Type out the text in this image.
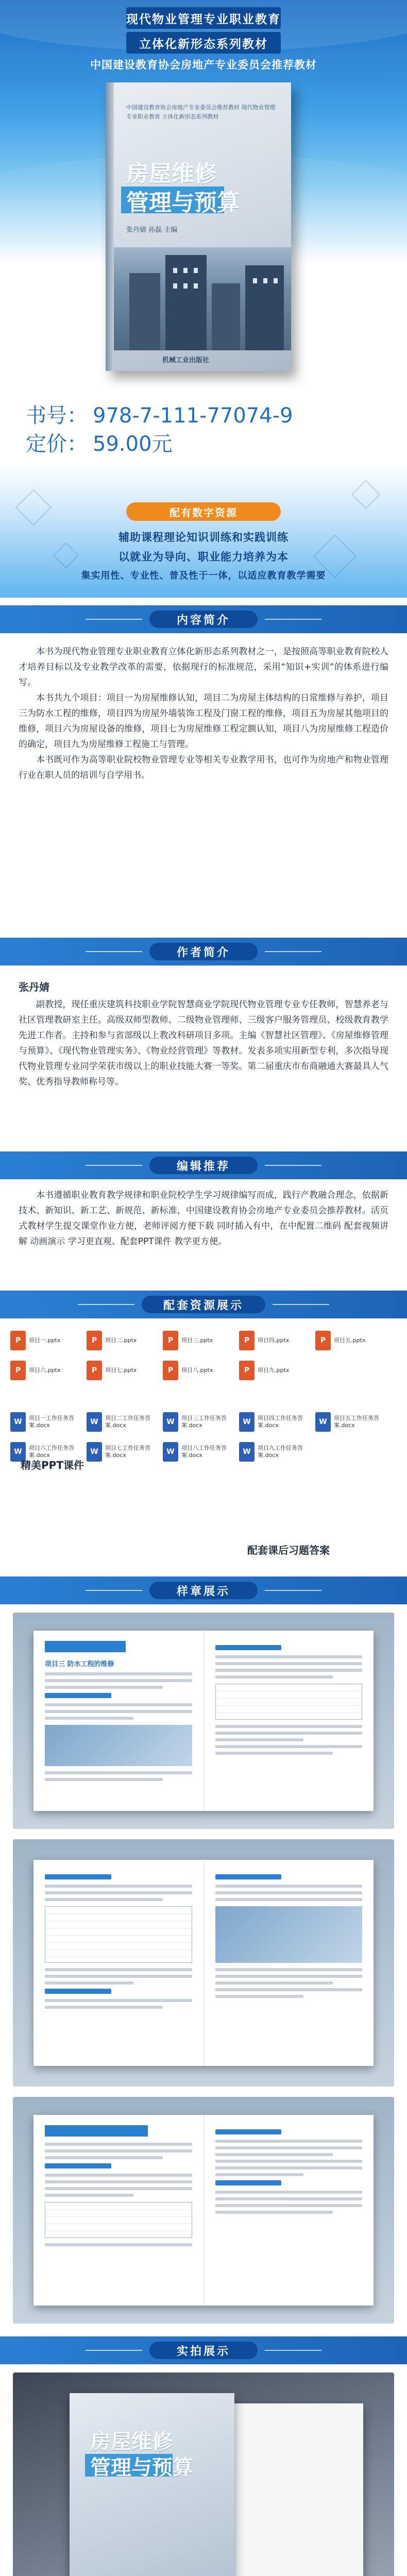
现代物业管理专业职业教育
立体化新形态系列教材
中国建设教育协会房地产专业委员会推荐教材
中国建设教育协会房地产专业委员会推荐教材 现代物业管理专业职业教育 立体化新形态系列教材
房屋维修
管理与预算
张丹婧 孙磊 主编
机械工业出版社
书号： 978-7-111-77074-9
定价： 59.00元
配有数字资源
辅助课程理论知识训练和实践训练
以就业为导向、职业能力培养为本
集实用性、专业性、普及性于一体，以适应教育教学需要
内容简介

本书为现代物业管理专业职业教育立体化新形态系列教材之一，是按照高等职业教育院校人才培养目标以及专业教学改革的需要，依据现行的标准规范，采用“知识+实训”的体系进行编写。

本书共九个项目：项目一为房屋维修认知，项目二为房屋主体结构的日常维修与养护，项目三为防水工程的维修，项目四为房屋外墙装饰工程及门窗工程的维修，项目五为房屋其他项目的维修，项目六为房屋设备的维修，项目七为房屋维修工程定额认知，项目八为房屋维修工程造价的确定，项目九为房屋维修工程施工与管理。

本书既可作为高等职业院校物业管理专业等相关专业教学用书，也可作为房地产和物业管理行业在职人员的培训与自学用书。

作者简介
张丹婧

副教授，现任重庆建筑科技职业学院智慧商业学院现代物业管理专业专任教师，智慧养老与社区管理教研室主任。高级双师型教师、二级物业管理师、三级客户服务管理员、校级教育教学先进工作者。主持和参与省部级以上教改科研项目多项。主编《智慧社区管理》、《房屋维修管理与预算》、《现代物业管理实务》、《物业经营管理》等教材。发表多项实用新型专利，多次指导现代物业管理专业同学荣获市级以上的职业技能大赛一等奖。第二届重庆市布商融通大赛最具人气奖、优秀指导教师称号等。

编辑推荐

本书遵循职业教育教学规律和职业院校学生学习规律编写而成，践行产教融合理念，依据新技术、新知识、新工艺、新规范、新标准，中国建设教育协会房地产专业委员会推荐教材。活页式教材学生提交课堂作业方便，老师评阅方便下载 同时插入有中，在中配置二维码 配套视频讲解 动画演示 学习更直观、配套PPT课件 教学更方便。

配套资源展示
P	项目一.pptx	P	项目二.pptx	P	项目三.pptx	P	项目四.pptx	P	项目五.pptx
P	项目六.pptx	P	项目七.pptx	P	项目八.pptx	P	项目九.pptx
W	项目一工作任务答案.docx	W	项目二工作任务答案.docx	W	项目三工作任务答案.docx	W	项目四工作任务答案.docx	W	项目五工作任务答案.docx
W	项目六工作任务答案.docx	W	项目七工作任务答案.docx	W	项目八工作任务答案.docx	W	项目九工作任务答案.docx
精美PPT课件
配套课后习题答案
样章展示
项目三 防水工程的维修
实拍展示
房屋维修
管理与预算
